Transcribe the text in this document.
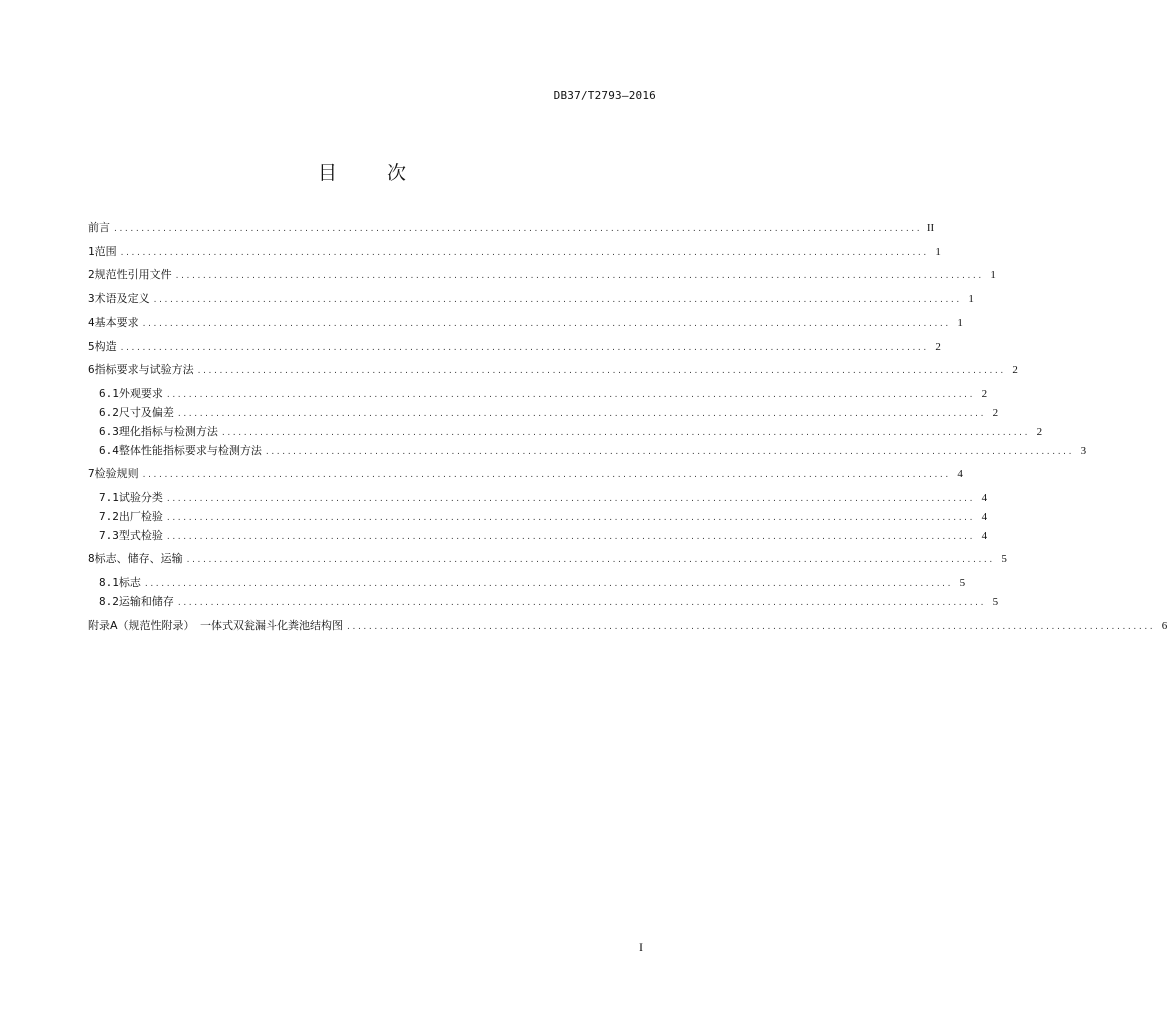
DB37/T2793—2016
目 次
前言 .................................................................................................................................................... II
1 范围 .................................................................................................................................................... 1
2 规范性引用文件 .................................................................................................................................................... 1
3 术语及定义 .................................................................................................................................................... 1
4 基本要求 .................................................................................................................................................... 1
5 构造 .................................................................................................................................................... 2
6 指标要求与试验方法 .................................................................................................................................................... 2
6.1 外观要求 .................................................................................................................................................... 2
6.2 尺寸及偏差 .................................................................................................................................................... 2
6.3 理化指标与检测方法 .................................................................................................................................................... 2
6.4 整体性能指标要求与检测方法 .................................................................................................................................................... 3
7 检验规则 .................................................................................................................................................... 4
7.1 试验分类 .................................................................................................................................................... 4
7.2 出厂检验 .................................................................................................................................................... 4
7.3 型式检验 .................................................................................................................................................... 4
8 标志、储存、运输 .................................................................................................................................................... 5
8.1 标志 .................................................................................................................................................... 5
8.2 运输和储存 .................................................................................................................................................... 5
附录A（规范性附录）　一体式双瓮漏斗化粪池结构图 .................................................................................................................................................... 6
I
